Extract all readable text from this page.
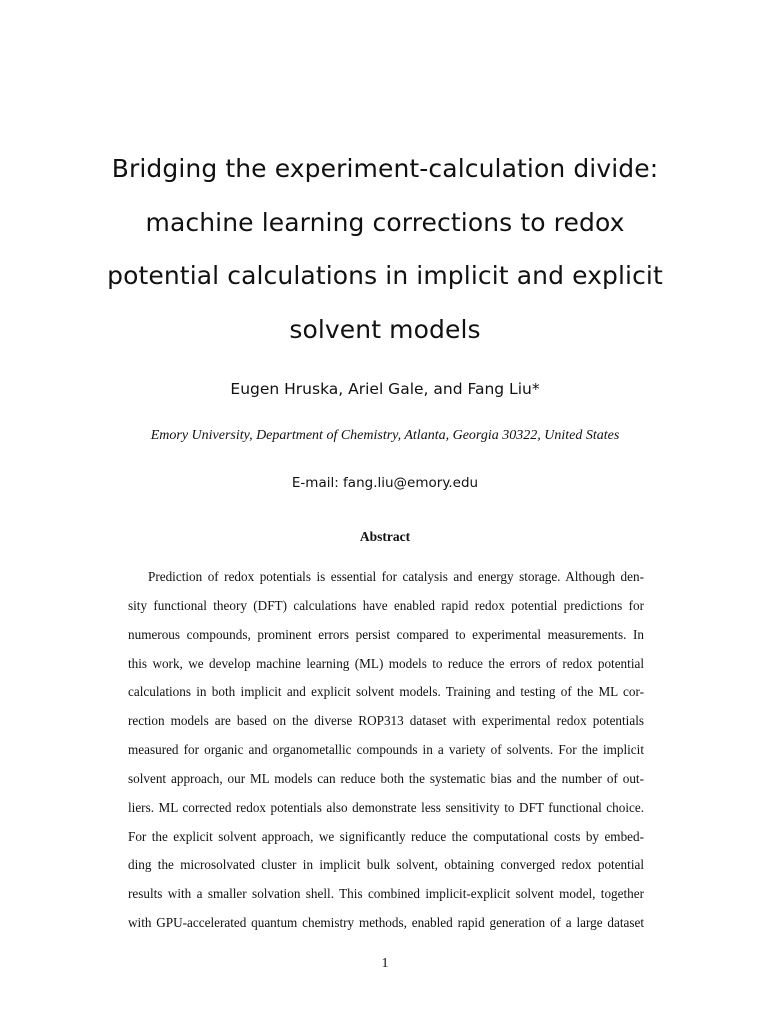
Bridging the experiment-calculation divide:
machine learning corrections to redox
potential calculations in implicit and explicit
solvent models
Eugen Hruska, Ariel Gale, and Fang Liu*
Emory University, Department of Chemistry, Atlanta, Georgia 30322, United States
E-mail: fang.liu@emory.edu
Abstract
Prediction of redox potentials is essential for catalysis and energy storage. Although den-
sity functional theory (DFT) calculations have enabled rapid redox potential predictions for
numerous compounds, prominent errors persist compared to experimental measurements. In
this work, we develop machine learning (ML) models to reduce the errors of redox potential
calculations in both implicit and explicit solvent models. Training and testing of the ML cor-
rection models are based on the diverse ROP313 dataset with experimental redox potentials
measured for organic and organometallic compounds in a variety of solvents. For the implicit
solvent approach, our ML models can reduce both the systematic bias and the number of out-
liers. ML corrected redox potentials also demonstrate less sensitivity to DFT functional choice.
For the explicit solvent approach, we significantly reduce the computational costs by embed-
ding the microsolvated cluster in implicit bulk solvent, obtaining converged redox potential
results with a smaller solvation shell. This combined implicit-explicit solvent model, together
with GPU-accelerated quantum chemistry methods, enabled rapid generation of a large dataset
1
